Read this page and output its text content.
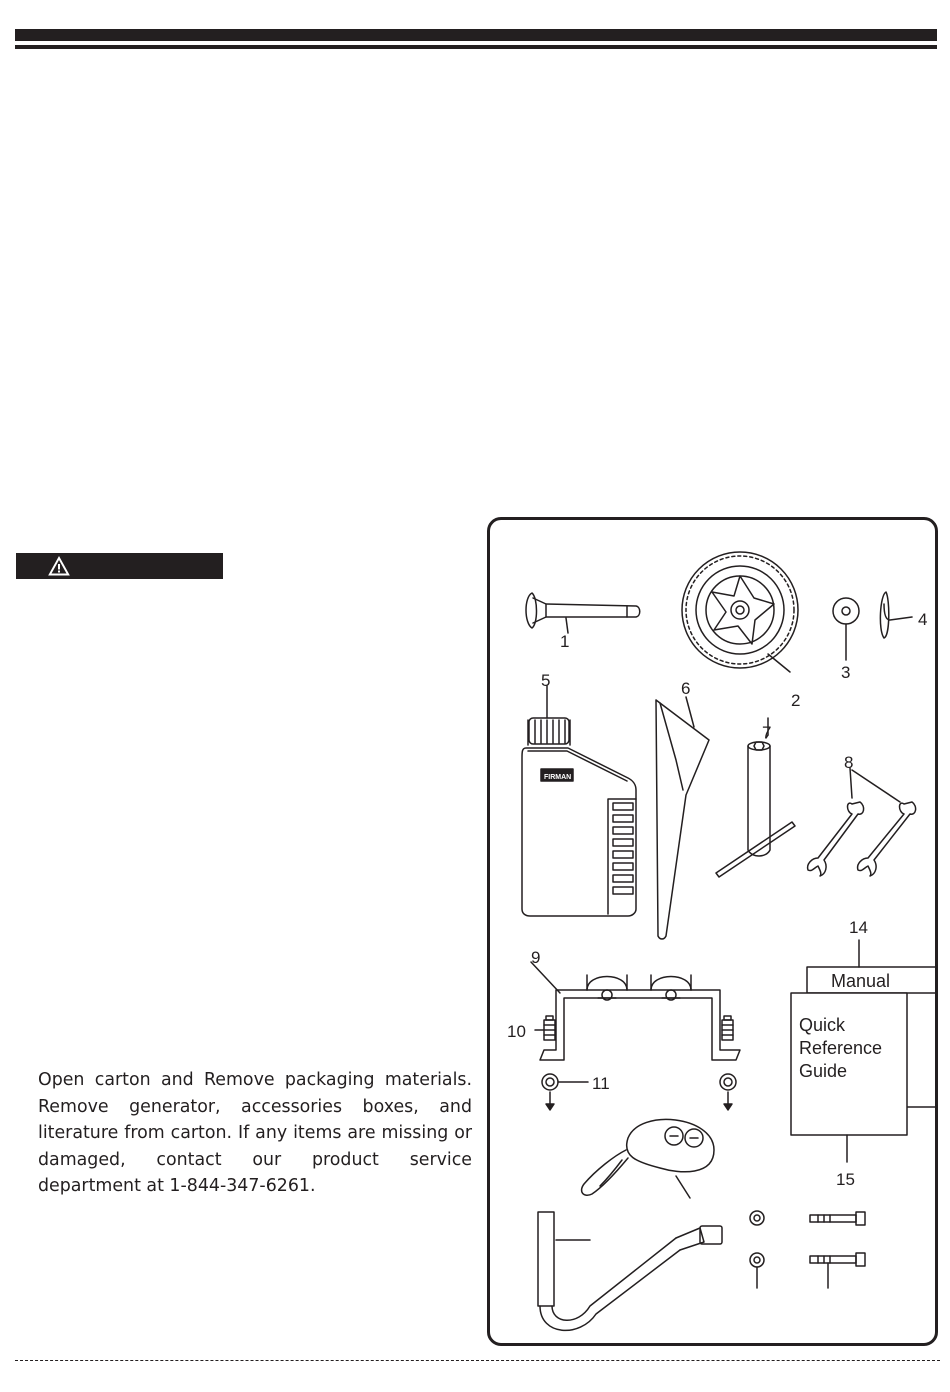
Open carton and Remove packaging materials. Remove generator, accessories boxes, and literature from carton. If any items are missing or damaged, contact our product service department at 1-844-347-6261.

1
2
3
4
5	6
7
8
9
10
11
14
15
Manual
Quick
Reference
Guide
FIRMAN
